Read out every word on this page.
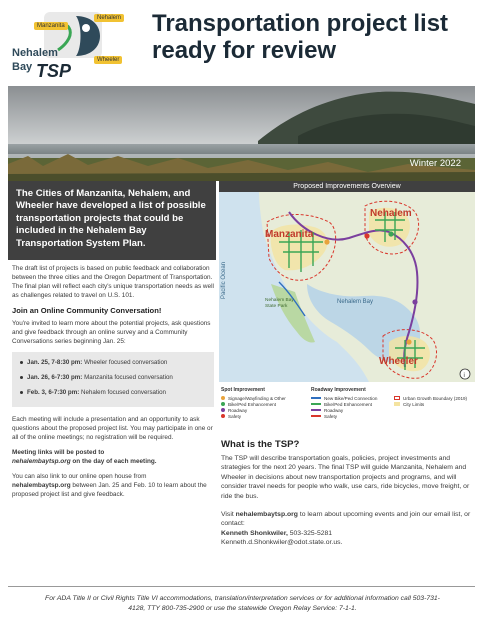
Manzanita
Nehalem
Wheeler
Nehalem
Bay TSP
Transportation project list ready for review
Winter 2022
The Cities of Manzanita, Nehalem, and Wheeler have developed a list of possible transportation projects that could be included in the Nehalem Bay Transportation System Plan.

The draft list of projects is based on public feedback and collaboration between the three cities and the Oregon Department of Transportation. The final plan will reflect each city's unique transportation needs as well as challenges related to travel on U.S. 101.

Join an Online Community Conversation!

You're invited to learn more about the potential projects, ask questions and give feedback through an online survey and a Community Conversations series beginning Jan. 25:

Jan. 25, 7-8:30 pm: Wheeler focused conversation
Jan. 26, 6-7:30 pm: Manzanita focused conversation
Feb. 3, 6-7:30 pm: Nehalem focused conversation

Each meeting will include a presentation and an opportunity to ask questions about the proposed project list. You may participate in one or all of the online meetings; no registration will be required.

Meeting links will be posted to
nehalembaytsp.org on the day of each meeting.

You can also link to our online open house from
nehalembaytsp.org between Jan. 25 and Feb. 10 to learn about the proposed project list and give feedback.

Proposed Improvements Overview
i
Nehalem
Manzanita
Wheeler
Pacific Ocean
Nehalem Bay
Nehalem Bay State Park
Spot Improvement
Signage/Wayfinding & Other
Bike/Ped Enhancement
Roadway
Safety
Roadway Improvement
New Bike/Ped Connection
Bike/Ped Enhancement
Roadway
Safety
Urban Growth Boundary (2019)
City Limits
What is the TSP?

The TSP will describe transportation goals, policies, project investments and strategies for the next 20 years. The final TSP will guide Manzanita, Nehalem and Wheeler in decisions about new transportation projects and programs, and will consider travel needs for people who walk, use cars, ride bicycles, move freight, or ride the bus.

Visit nehalembaytsp.org to learn about upcoming events and join our email list, or contact:
Kenneth Shonkwiler, 503-325-5281
Kenneth.d.Shonkwiler@odot.state.or.us.

For ADA Title II or Civil Rights Title VI accommodations, translation/interpretation services or for additional information call 503-731-4128, TTY 800-735-2900 or use the statewide Oregon Relay Service: 7-1-1.
